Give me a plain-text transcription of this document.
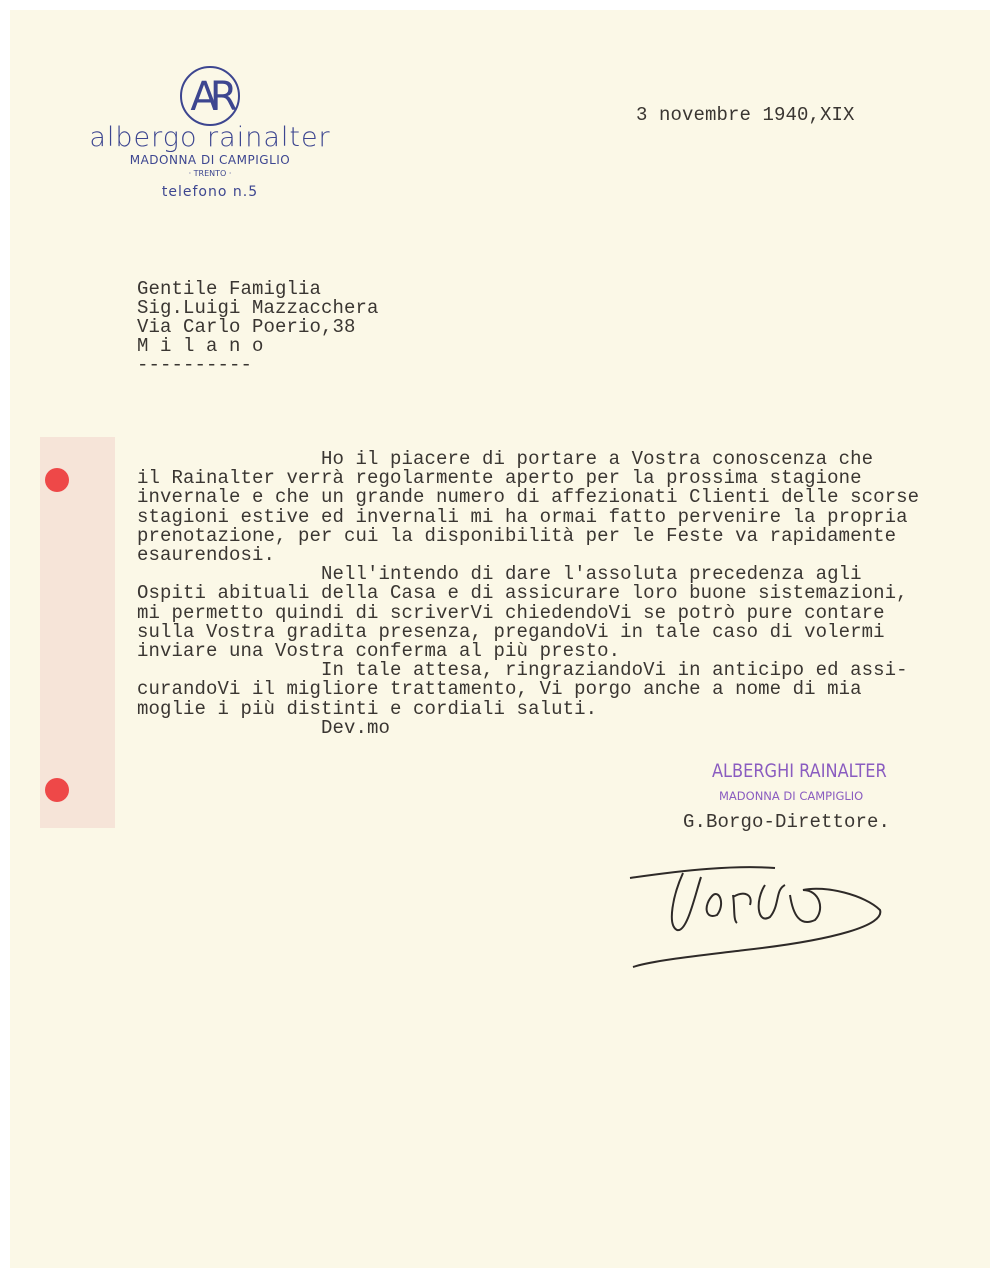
AR
albergo rainalter
MADONNA DI CAMPIGLIO
· TRENTO ·
telefono n.5
3 novembre 1940,XIX
Gentile Famiglia
Sig.Luigi Mazzacchera
Via Carlo Poerio,38
M i l a n o
----------
Ho il piacere di portare a Vostra conoscenza che
il Rainalter verrà regolarmente aperto per la prossima stagione
invernale e che un grande numero di affezionati Clienti delle scorse
stagioni estive ed invernali mi ha ormai fatto pervenire la propria
prenotazione, per cui la disponibilità per le Feste va rapidamente
esaurendosi.
Nell'intendo di dare l'assoluta precedenza agli
Ospiti abituali della Casa e di assicurare loro buone sistemazioni,
mi permetto quindi di scriverVi chiedendoVi se potrò pure contare
sulla Vostra gradita presenza, pregandoVi in tale caso di volermi
inviare una Vostra conferma al più presto.
In tale attesa, ringraziandoVi in anticipo ed assi-
curandoVi il migliore trattamento, Vi porgo anche a nome di mia
moglie i più distinti e cordiali saluti.
Dev.mo
ALBERGHI RAINALTER
MADONNA DI CAMPIGLIO
G.Borgo-Direttore.
